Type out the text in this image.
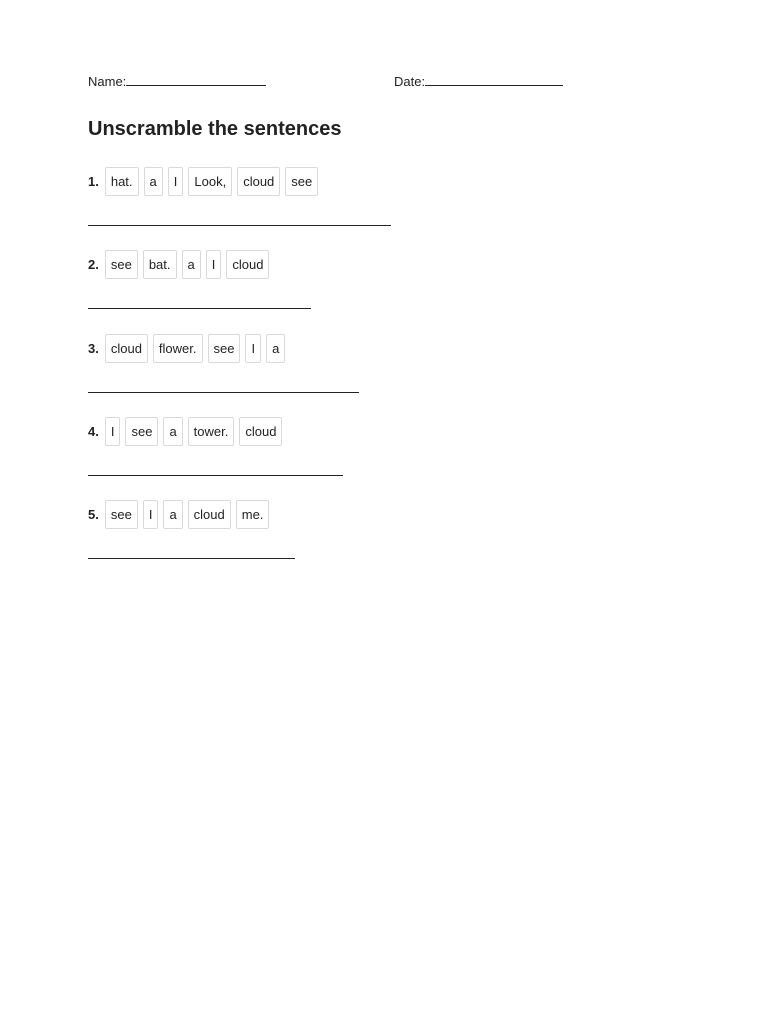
Name:	Date:
Unscramble the sentences
1. hat.	a	I	Look,	cloud	see
2. see	bat.	a	I	cloud
3. cloud	flower.	see	I	a
4. I	see	a	tower.	cloud
5. see	I	a	cloud	me.
